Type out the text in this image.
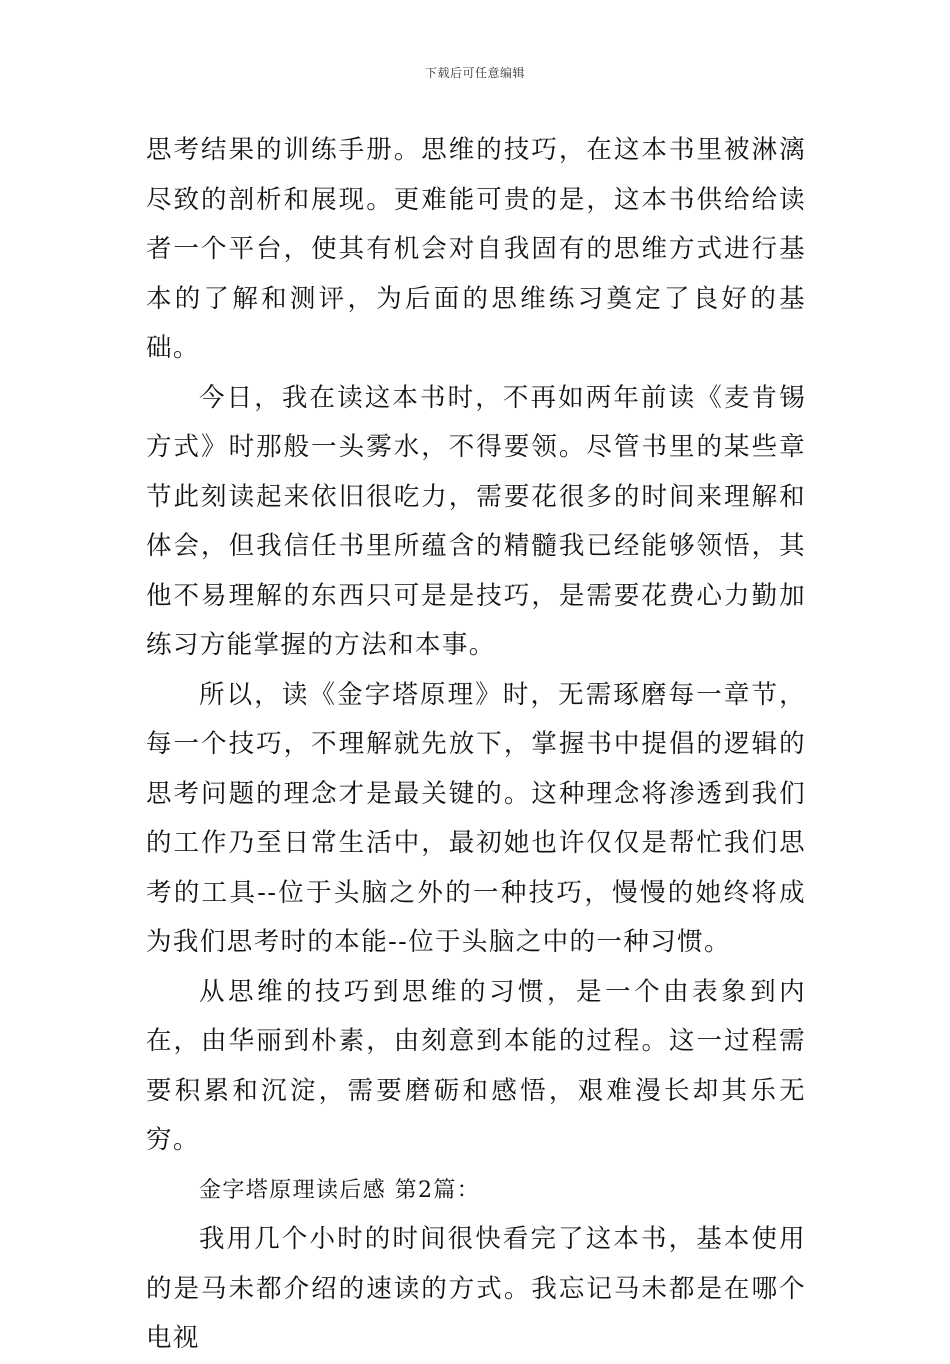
下载后可任意编辑

思考结果的训练手册。思维的技巧，在这本书里被淋漓尽致的剖析和展现。更难能可贵的是，这本书供给给读者一个平台，使其有机会对自我固有的思维方式进行基本的了解和测评，为后面的思维练习奠定了良好的基础。

今日，我在读这本书时，不再如两年前读《麦肯锡方式》时那般一头雾水，不得要领。尽管书里的某些章节此刻读起来依旧很吃力，需要花很多的时间来理解和体会，但我信任书里所蕴含的精髓我已经能够领悟，其他不易理解的东西只可是是技巧，是需要花费心力勤加练习方能掌握的方法和本事。

所以，读《金字塔原理》时，无需琢磨每一章节，每一个技巧，不理解就先放下，掌握书中提倡的逻辑的思考问题的理念才是最关键的。这种理念将渗透到我们的工作乃至日常生活中，最初她也许仅仅是帮忙我们思考的工具--位于头脑之外的一种技巧，慢慢的她终将成为我们思考时的本能--位于头脑之中的一种习惯。

从思维的技巧到思维的习惯，是一个由表象到内在，由华丽到朴素，由刻意到本能的过程。这一过程需要积累和沉淀，需要磨砺和感悟，艰难漫长却其乐无穷。

金字塔原理读后感 第2篇：

我用几个小时的时间很快看完了这本书，基本使用的是马未都介绍的速读的方式。我忘记马未都是在哪个电视
